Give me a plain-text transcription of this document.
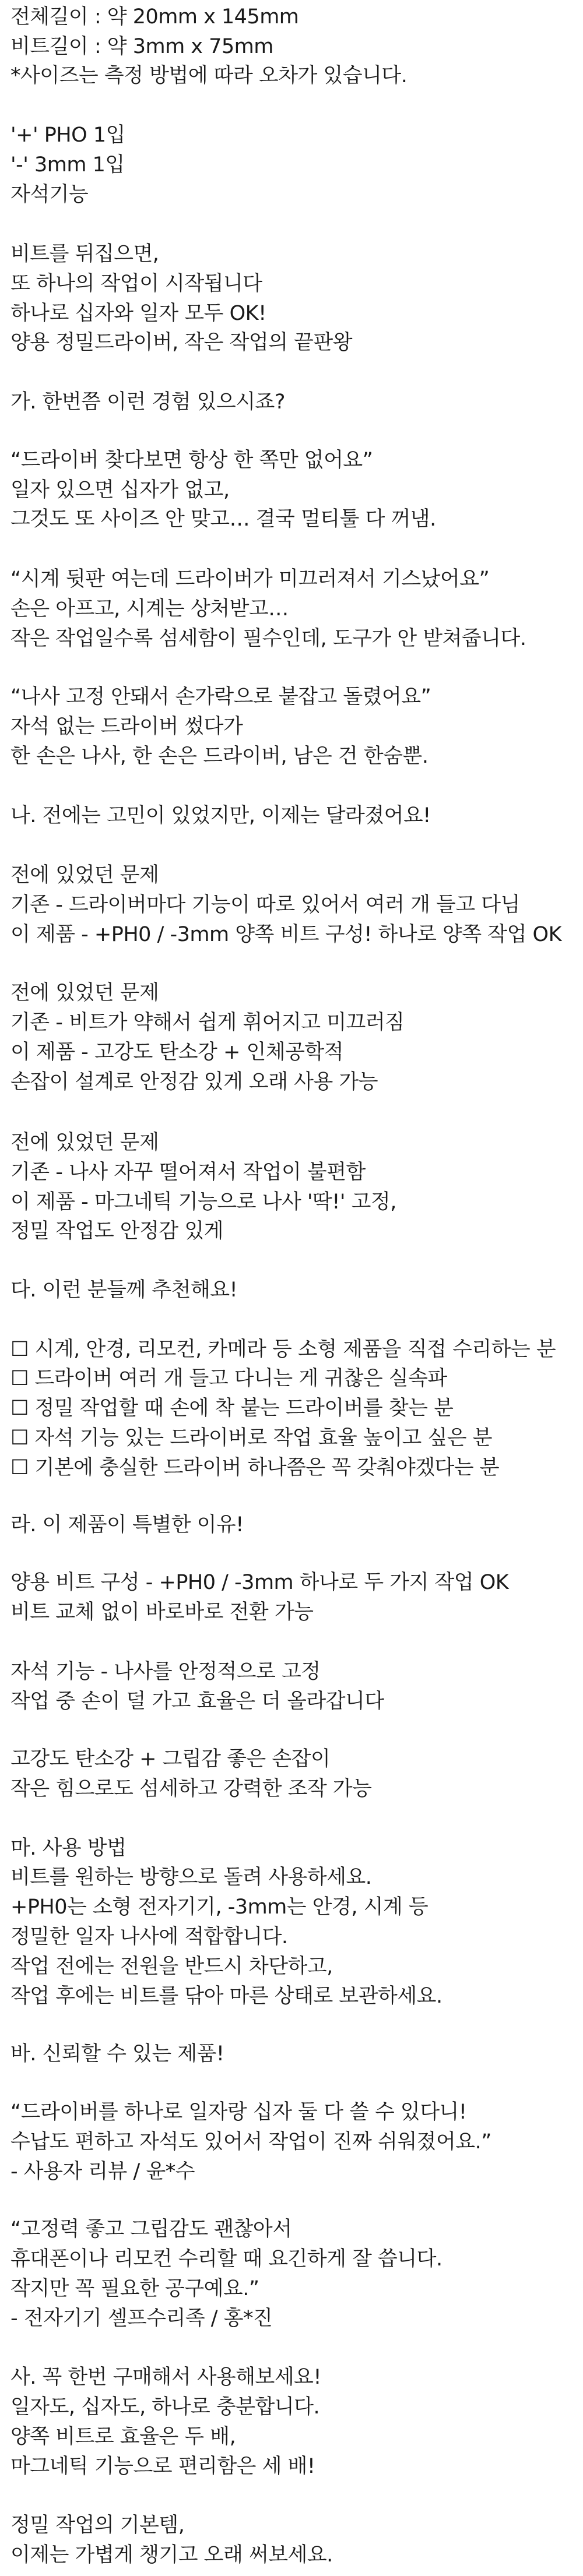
전체길이 : 약 20mm x 145mm
비트길이 : 약 3mm x 75mm
*사이즈는 측정 방법에 따라 오차가 있습니다.
'+' PHO 1입
'-' 3mm 1입
자석기능
비트를 뒤집으면,
또 하나의 작업이 시작됩니다
하나로 십자와 일자 모두 OK!
양용 정밀드라이버, 작은 작업의 끝판왕
가. 한번쯤 이런 경험 있으시죠?
“드라이버 찾다보면 항상 한 쪽만 없어요”
일자 있으면 십자가 없고,
그것도 또 사이즈 안 맞고… 결국 멀티툴 다 꺼냄.
“시계 뒷판 여는데 드라이버가 미끄러져서 기스났어요”
손은 아프고, 시계는 상처받고…
작은 작업일수록 섬세함이 필수인데, 도구가 안 받쳐줍니다.
“나사 고정 안돼서 손가락으로 붙잡고 돌렸어요”
자석 없는 드라이버 썼다가
한 손은 나사, 한 손은 드라이버, 남은 건 한숨뿐.
나. 전에는 고민이 있었지만, 이제는 달라졌어요!
전에 있었던 문제
기존 - 드라이버마다 기능이 따로 있어서 여러 개 들고 다님
이 제품 - +PH0 / -3mm 양쪽 비트 구성! 하나로 양쪽 작업 OK
전에 있었던 문제
기존 - 비트가 약해서 쉽게 휘어지고 미끄러짐
이 제품 - 고강도 탄소강 + 인체공학적
손잡이 설계로 안정감 있게 오래 사용 가능
전에 있었던 문제
기존 - 나사 자꾸 떨어져서 작업이 불편함
이 제품 - 마그네틱 기능으로 나사 '딱!' 고정,
정밀 작업도 안정감 있게
다. 이런 분들께 추천해요!
☐ 시계, 안경, 리모컨, 카메라 등 소형 제품을 직접 수리하는 분
☐ 드라이버 여러 개 들고 다니는 게 귀찮은 실속파
☐ 정밀 작업할 때 손에 착 붙는 드라이버를 찾는 분
☐ 자석 기능 있는 드라이버로 작업 효율 높이고 싶은 분
☐ 기본에 충실한 드라이버 하나쯤은 꼭 갖춰야겠다는 분
라. 이 제품이 특별한 이유!
양용 비트 구성 - +PH0 / -3mm 하나로 두 가지 작업 OK
비트 교체 없이 바로바로 전환 가능
자석 기능 - 나사를 안정적으로 고정
작업 중 손이 덜 가고 효율은 더 올라갑니다
고강도 탄소강 + 그립감 좋은 손잡이
작은 힘으로도 섬세하고 강력한 조작 가능
마. 사용 방법
비트를 원하는 방향으로 돌려 사용하세요.
+PH0는 소형 전자기기, -3mm는 안경, 시계 등
정밀한 일자 나사에 적합합니다.
작업 전에는 전원을 반드시 차단하고,
작업 후에는 비트를 닦아 마른 상태로 보관하세요.
바. 신뢰할 수 있는 제품!
“드라이버를 하나로 일자랑 십자 둘 다 쓸 수 있다니!
수납도 편하고 자석도 있어서 작업이 진짜 쉬워졌어요.”
- 사용자 리뷰 / 윤*수
“고정력 좋고 그립감도 괜찮아서
휴대폰이나 리모컨 수리할 때 요긴하게 잘 씁니다.
작지만 꼭 필요한 공구예요.”
- 전자기기 셀프수리족 / 홍*진
사. 꼭 한번 구매해서 사용해보세요!
일자도, 십자도, 하나로 충분합니다.
양쪽 비트로 효율은 두 배,
마그네틱 기능으로 편리함은 세 배!
정밀 작업의 기본템,
이제는 가볍게 챙기고 오래 써보세요.
